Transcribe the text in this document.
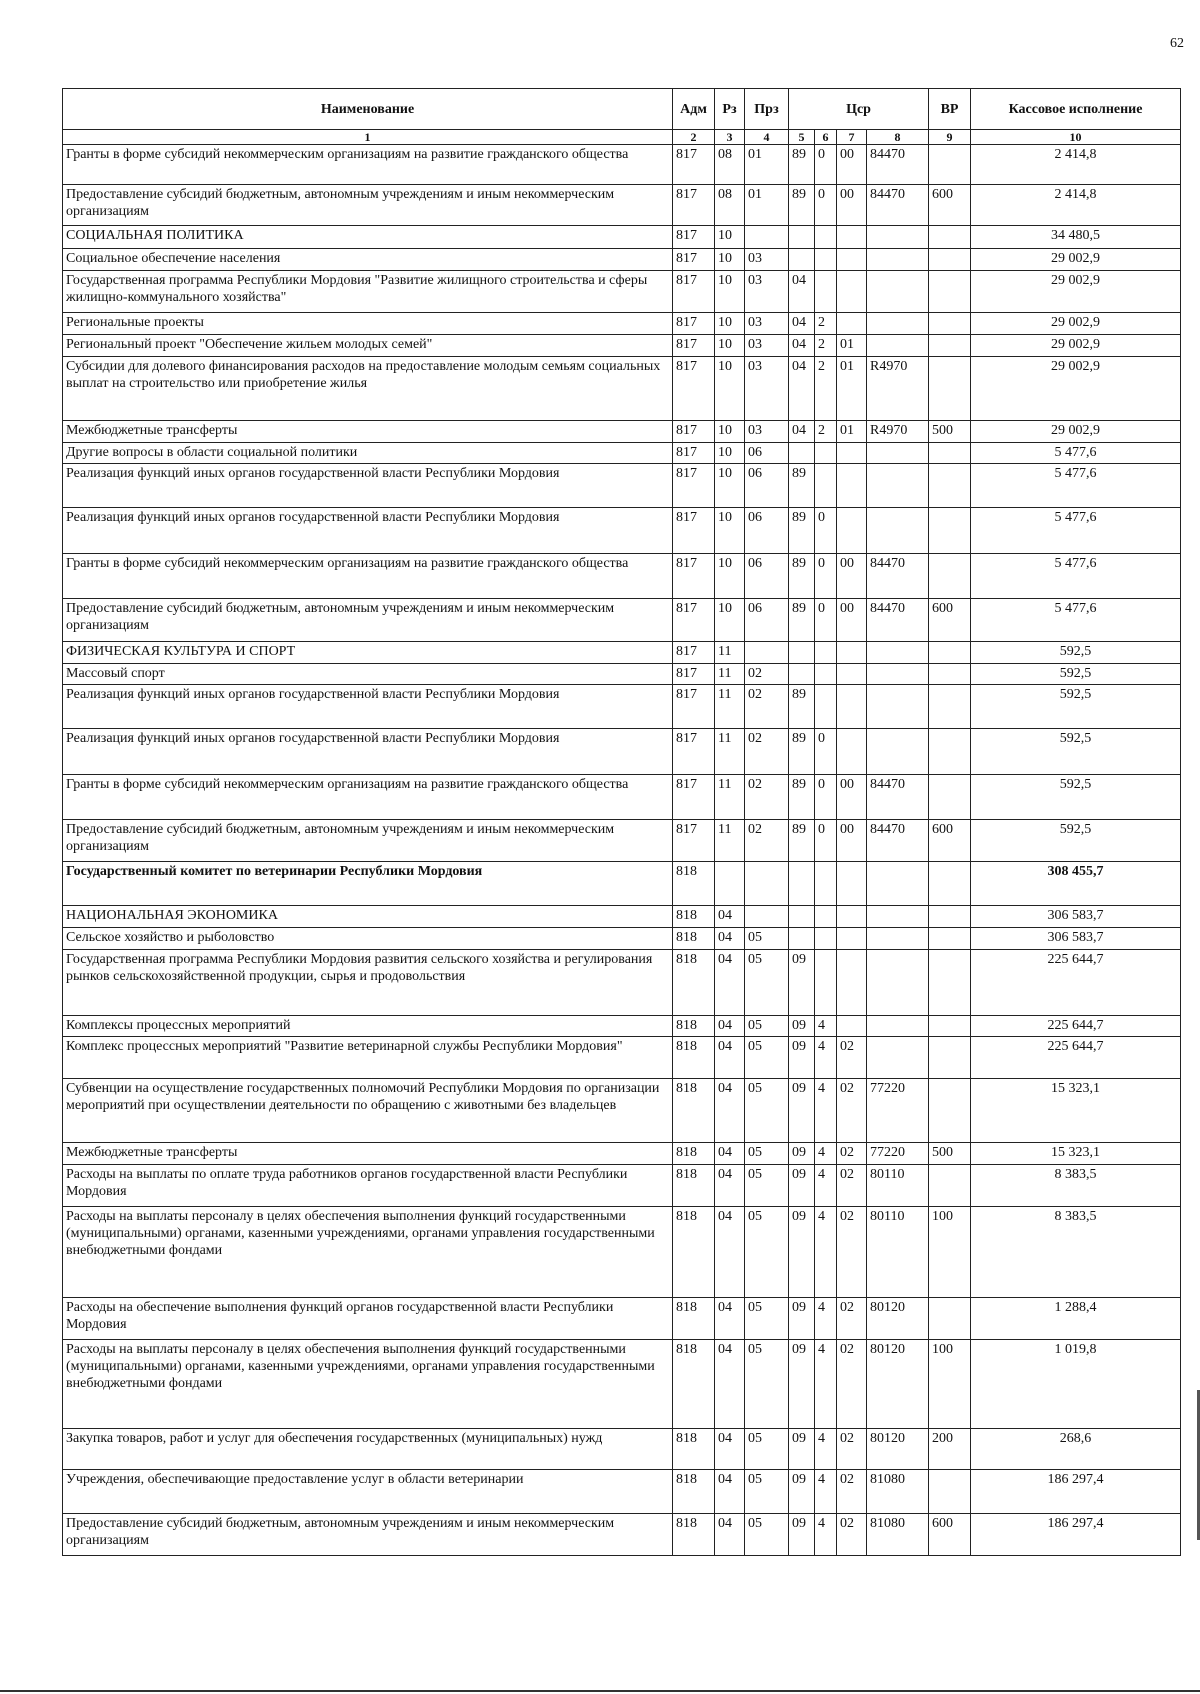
62
Наименование	Адм	Рз	Прз	Цср				ВР	Кассовое исполнение
1	2	3	4	5	6	7	8	9	10
Гранты в форме субсидий некоммерческим организациям на развитие гражданского общества	817	08	01	89	0	00	84470		2 414,8
Предоставление субсидий бюджетным, автономным учреждениям и иным некоммерческим организациям	817	08	01	89	0	00	84470	600	2 414,8
СОЦИАЛЬНАЯ ПОЛИТИКА	817	10							34 480,5
Социальное обеспечение населения	817	10	03						29 002,9
Государственная программа Республики Мордовия "Развитие жилищного строительства и сферы жилищно-коммунального хозяйства"	817	10	03	04					29 002,9
Региональные проекты	817	10	03	04	2				29 002,9
Региональный проект "Обеспечение жильем молодых семей"	817	10	03	04	2	01			29 002,9
Субсидии для долевого финансирования расходов на предоставление молодым семьям социальных выплат на строительство или приобретение жилья	817	10	03	04	2	01	R4970		29 002,9
Межбюджетные трансферты	817	10	03	04	2	01	R4970	500	29 002,9
Другие вопросы в области социальной политики	817	10	06						5 477,6
Реализация функций иных органов государственной власти Республики Мордовия	817	10	06	89					5 477,6
Реализация функций иных органов государственной власти Республики Мордовия	817	10	06	89	0				5 477,6
Гранты в форме субсидий некоммерческим организациям на развитие гражданского общества	817	10	06	89	0	00	84470		5 477,6
Предоставление субсидий бюджетным, автономным учреждениям и иным некоммерческим организациям	817	10	06	89	0	00	84470	600	5 477,6
ФИЗИЧЕСКАЯ КУЛЬТУРА И СПОРТ	817	11							592,5
Массовый спорт	817	11	02						592,5
Реализация функций иных органов государственной власти Республики Мордовия	817	11	02	89					592,5
Реализация функций иных органов государственной власти Республики Мордовия	817	11	02	89	0				592,5
Гранты в форме субсидий некоммерческим организациям на развитие гражданского общества	817	11	02	89	0	00	84470		592,5
Предоставление субсидий бюджетным, автономным учреждениям и иным некоммерческим организациям	817	11	02	89	0	00	84470	600	592,5
Государственный комитет по ветеринарии Республики Мордовия	818								308 455,7
НАЦИОНАЛЬНАЯ ЭКОНОМИКА	818	04							306 583,7
Сельское хозяйство и рыболовство	818	04	05						306 583,7
Государственная программа Республики Мордовия развития сельского хозяйства и регулирования рынков сельскохозяйственной продукции, сырья и продовольствия	818	04	05	09					225 644,7
Комплексы процессных мероприятий	818	04	05	09	4				225 644,7
Комплекс процессных мероприятий "Развитие ветеринарной службы Республики Мордовия"	818	04	05	09	4	02			225 644,7
Субвенции на осуществление государственных полномочий Республики Мордовия по организации мероприятий при осуществлении деятельности по обращению с животными без владельцев	818	04	05	09	4	02	77220		15 323,1
Межбюджетные трансферты	818	04	05	09	4	02	77220	500	15 323,1
Расходы на выплаты по оплате труда работников органов государственной власти Республики Мордовия	818	04	05	09	4	02	80110		8 383,5
Расходы на выплаты персоналу в целях обеспечения выполнения функций государственными (муниципальными) органами, казенными учреждениями, органами управления государственными внебюджетными фондами	818	04	05	09	4	02	80110	100	8 383,5
Расходы на обеспечение выполнения функций органов государственной власти Республики Мордовия	818	04	05	09	4	02	80120		1 288,4
Расходы на выплаты персоналу в целях обеспечения выполнения функций государственными (муниципальными) органами, казенными учреждениями, органами управления государственными внебюджетными фондами	818	04	05	09	4	02	80120	100	1 019,8
Закупка товаров, работ и услуг для обеспечения государственных (муниципальных) нужд	818	04	05	09	4	02	80120	200	268,6
Учреждения, обеспечивающие предоставление услуг в области ветеринарии	818	04	05	09	4	02	81080		186 297,4
Предоставление субсидий бюджетным, автономным учреждениям и иным некоммерческим организациям	818	04	05	09	4	02	81080	600	186 297,4
